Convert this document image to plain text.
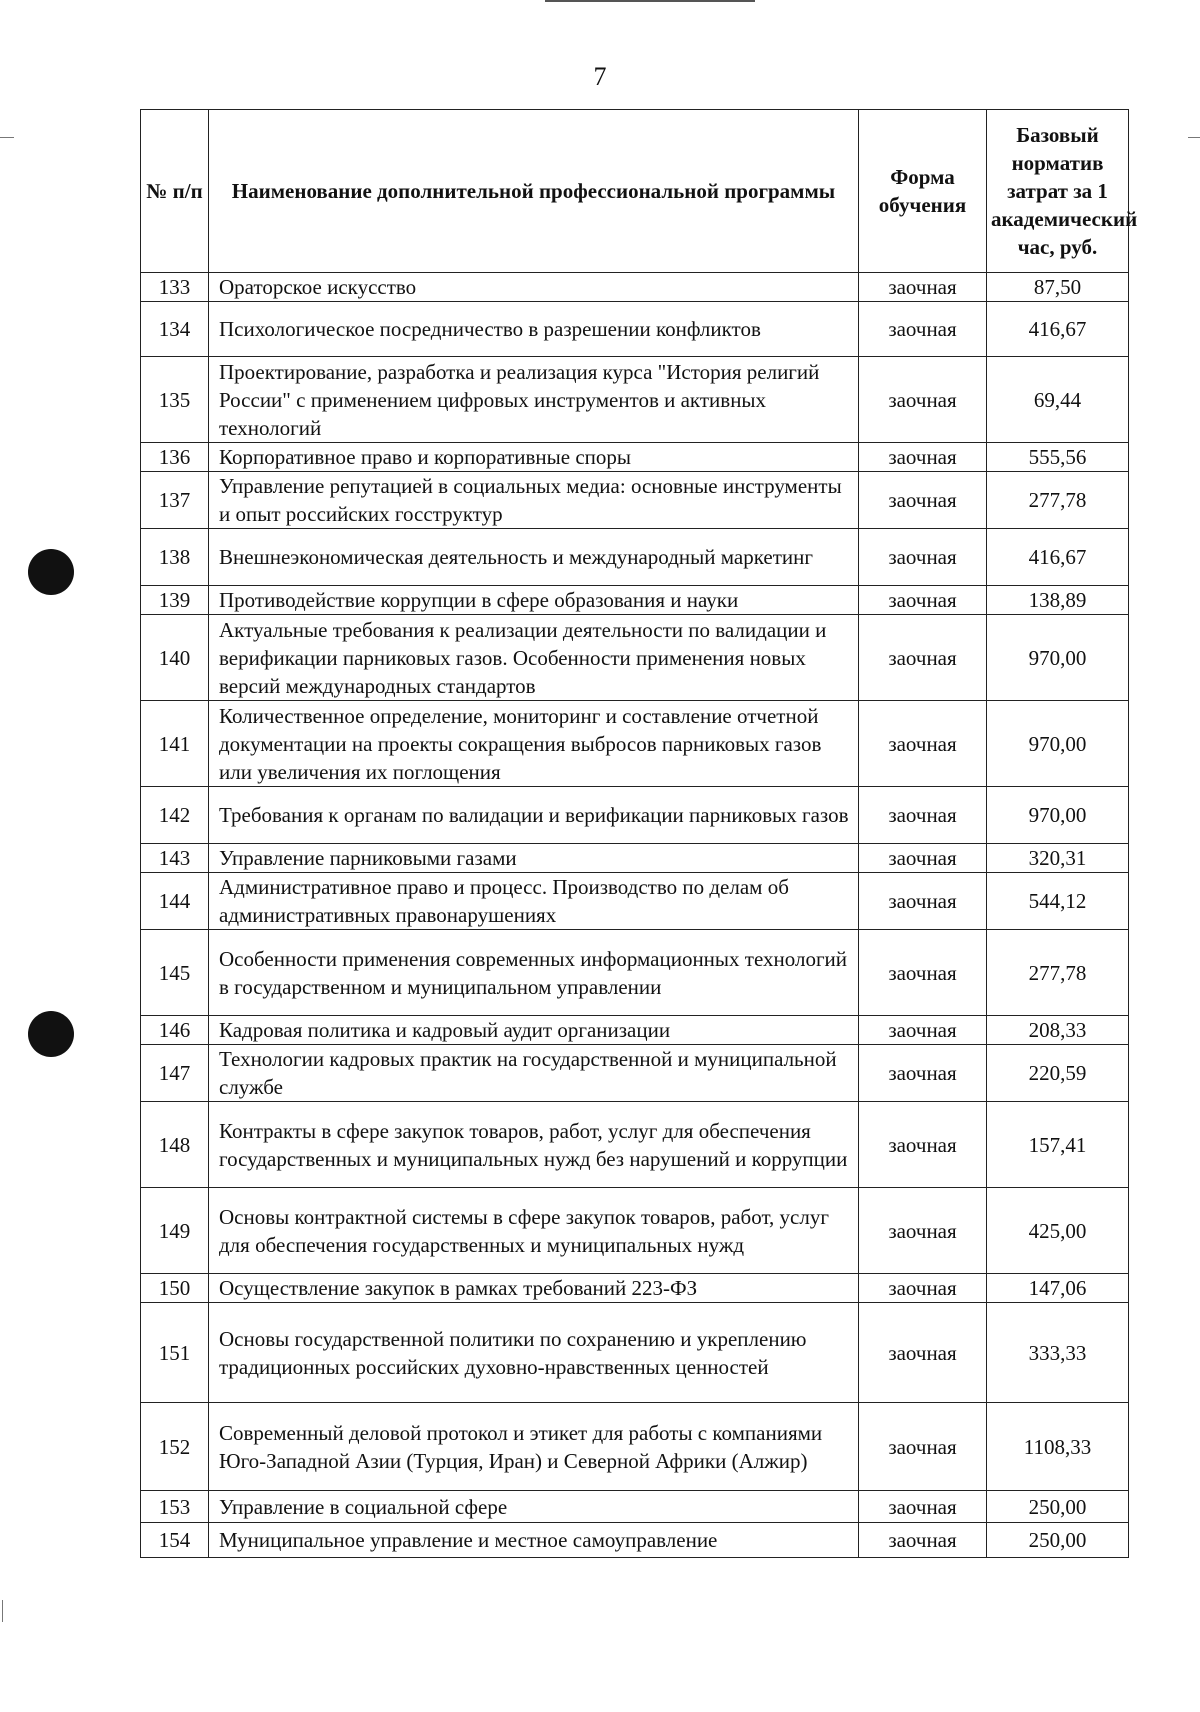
7
№ п/п	Наименование дополнительной профессиональной программы	Форма обучения	Базовый норматив затрат за 1 академический час, руб.
133	Ораторское искусство	заочная	87,50
134	Психологическое посредничество в разрешении конфликтов	заочная	416,67
135	Проектирование, разработка и реализация курса "История религий России" с применением цифровых инструментов и активных технологий	заочная	69,44
136	Корпоративное право и корпоративные споры	заочная	555,56
137	Управление репутацией в социальных медиа: основные инструменты и опыт российских госструктур	заочная	277,78
138	Внешнеэкономическая деятельность и международный маркетинг	заочная	416,67
139	Противодействие коррупции в сфере образования и науки	заочная	138,89
140	Актуальные требования к реализации деятельности по валидации и верификации парниковых газов. Особенности применения новых версий международных стандартов	заочная	970,00
141	Количественное определение, мониторинг и составление отчетной документации на проекты сокращения выбросов парниковых газов или увеличения их поглощения	заочная	970,00
142	Требования к органам по валидации и верификации парниковых газов	заочная	970,00
143	Управление парниковыми газами	заочная	320,31
144	Административное право и процесс. Производство по делам об административных правонарушениях	заочная	544,12
145	Особенности применения современных информационных технологий в государственном и муниципальном управлении	заочная	277,78
146	Кадровая политика и кадровый аудит организации	заочная	208,33
147	Технологии кадровых практик на государственной и муниципальной службе	заочная	220,59
148	Контракты в сфере закупок товаров, работ, услуг для обеспечения государственных и муниципальных нужд без нарушений и коррупции	заочная	157,41
149	Основы контрактной системы в сфере закупок товаров, работ, услуг для обеспечения государственных и муниципальных нужд	заочная	425,00
150	Осуществление закупок в рамках требований 223-ФЗ	заочная	147,06
151	Основы государственной политики по сохранению и укреплению традиционных российских духовно-нравственных ценностей	заочная	333,33
152	Современный деловой протокол и этикет для работы с компаниями Юго-Западной Азии (Турция, Иран) и Северной Африки (Алжир)	заочная	1108,33
153	Управление в социальной сфере	заочная	250,00
154	Муниципальное управление и местное самоуправление	заочная	250,00
